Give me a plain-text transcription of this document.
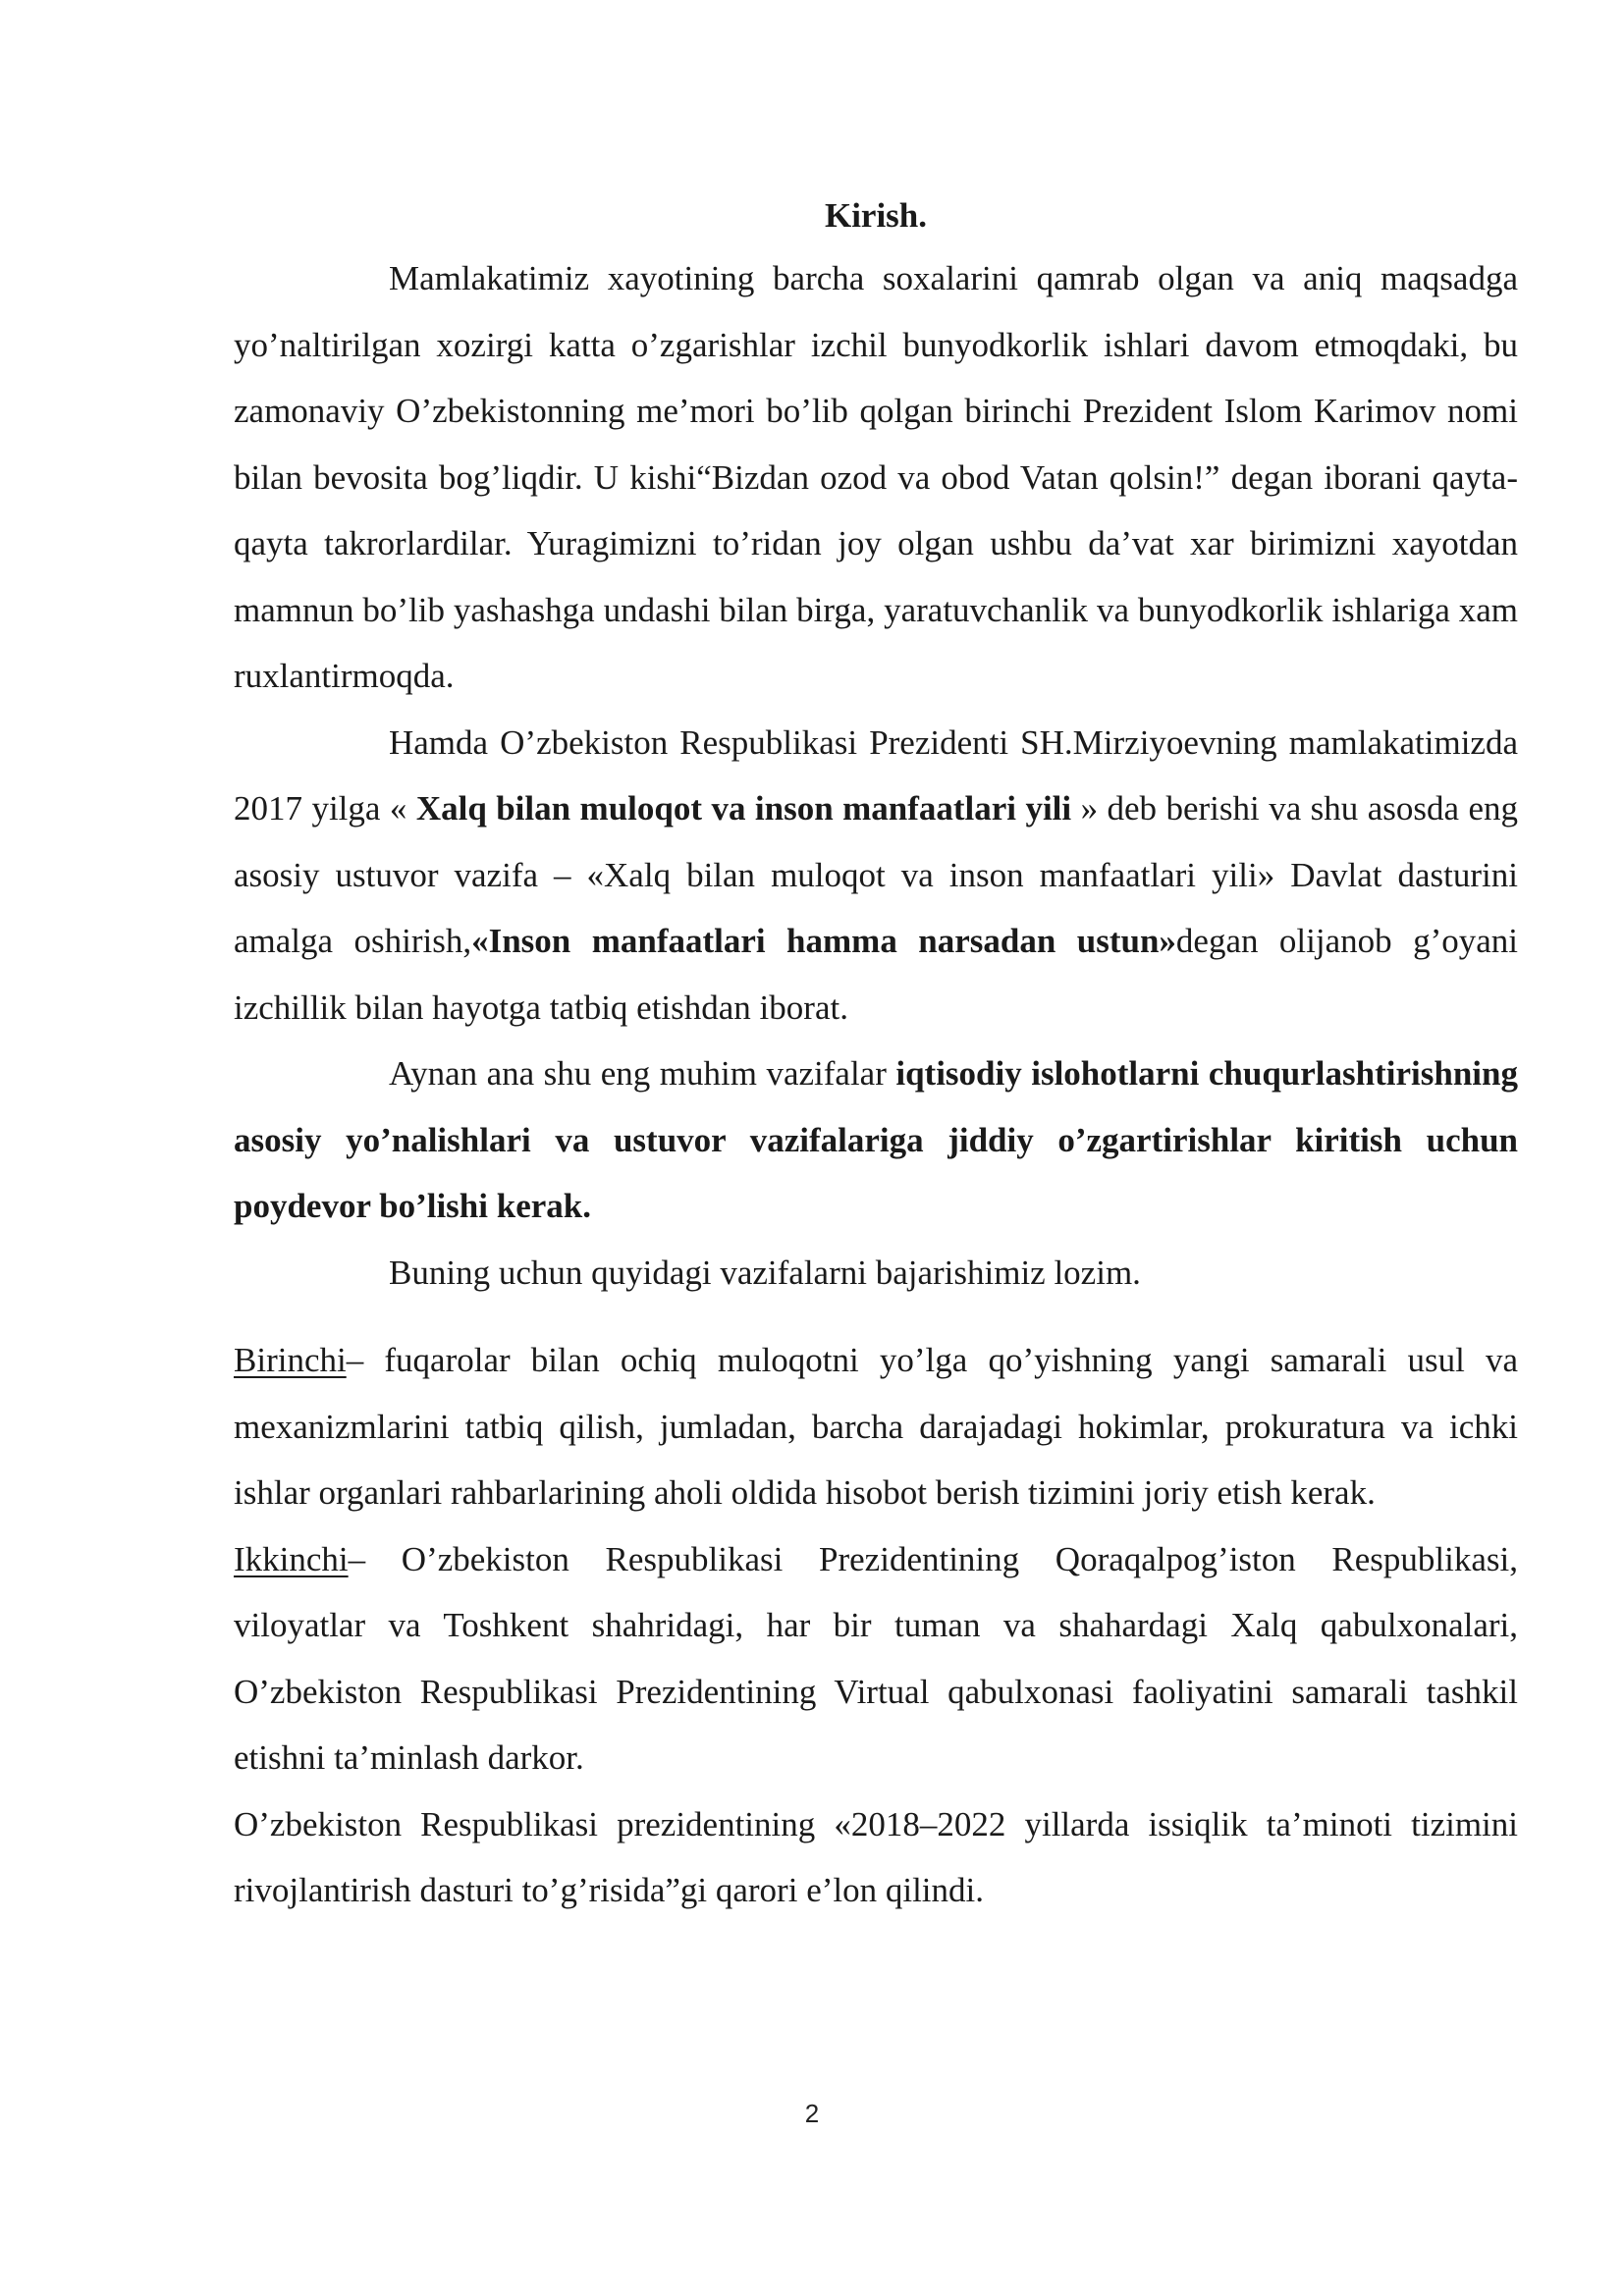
Kirish.

Mamlakatimiz xayotining barcha soxalarini qamrab olgan va aniq maqsadga yo’naltirilgan xozirgi katta o’zgarishlar izchil bunyodkorlik ishlari davom etmoqdaki, bu zamonaviy O’zbekistonning me’mori bo’lib qolgan birinchi Prezident Islom Karimov nomi bilan bevosita bog’liqdir. U kishi“Bizdan ozod va obod Vatan qolsin!” degan iborani qayta-qayta takrorlardilar. Yuragimizni to’ridan joy olgan ushbu da’vat xar birimizni xayotdan mamnun bo’lib yashashga undashi bilan birga, yaratuvchanlik va bunyodkorlik ishlariga xam ruxlantirmoqda.

Hamda O’zbekiston Respublikasi Prezidenti SH.Mirziyoevning mamlakatimizda 2017 yilga « Xalq bilan muloqot va inson manfaatlari yili » deb berishi va shu asosda eng asosiy ustuvor vazifa – «Xalq bilan muloqot va inson manfaatlari yili» Davlat dasturini amalga oshirish,«Inson manfaatlari hamma narsadan ustun»degan olijanob g’oyani izchillik bilan hayotga tatbiq etishdan iborat.

Aynan ana shu eng muhim vazifalar iqtisodiy islohotlarni chuqurlashtirishning asosiy yo’nalishlari va ustuvor vazifalariga jiddiy o’zgartirishlar kiritish uchun poydevor bo’lishi kerak.

Buning uchun quyidagi vazifalarni bajarishimiz lozim.

Birinchi– fuqarolar bilan ochiq muloqotni yo’lga qo’yishning yangi samarali usul va mexanizmlarini tatbiq qilish, jumladan, barcha darajadagi hokimlar, prokuratura va ichki ishlar organlari rahbarlarining aholi oldida hisobot berish tizimini joriy etish kerak.

Ikkinchi– O’zbekiston Respublikasi Prezidentining Qoraqalpog’iston Respublikasi, viloyatlar va Toshkent shahridagi, har bir tuman va shahardagi Xalq qabulxonalari, O’zbekiston Respublikasi Prezidentining Virtual qabulxonasi faoliyatini samarali tashkil etishni ta’minlash darkor.

O’zbekiston Respublikasi prezidentining «2018–2022 yillarda issiqlik ta’minoti tizimini rivojlantirish dasturi to’g’risida”gi qarori e’lon qilindi.

2
